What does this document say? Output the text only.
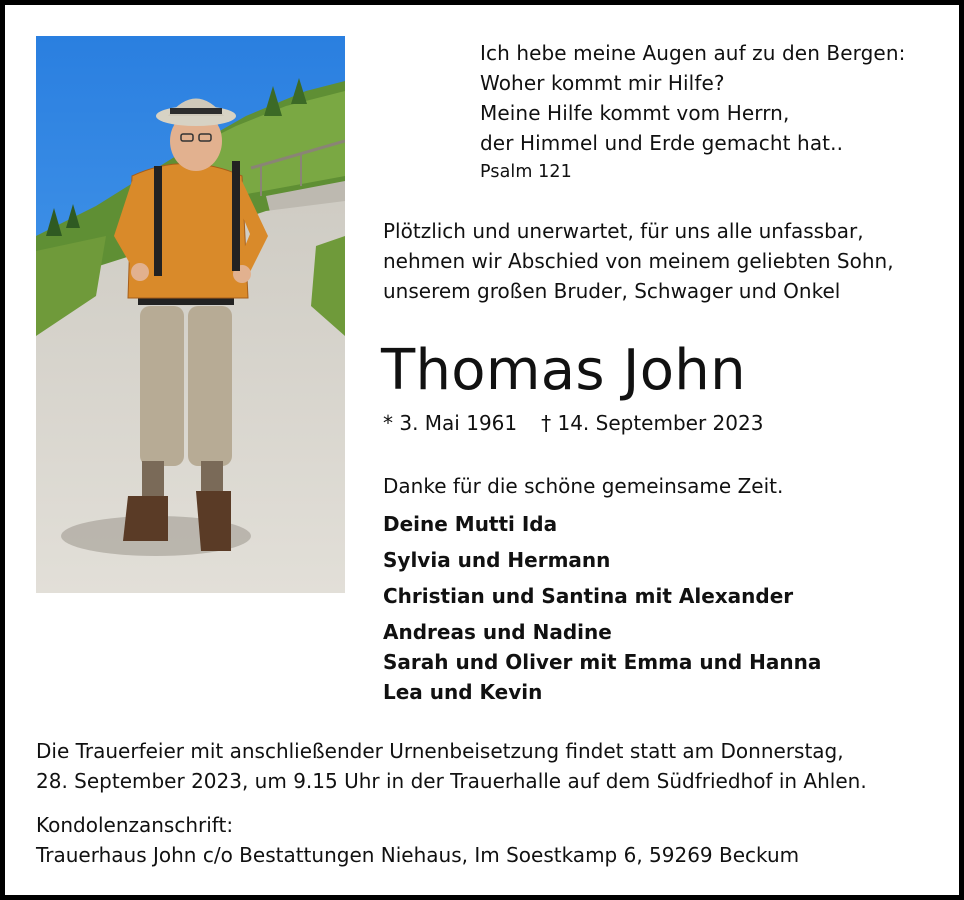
Ich hebe meine Augen auf zu den Bergen:
Woher kommt mir Hilfe?
Meine Hilfe kommt vom Herrn,
der Himmel und Erde gemacht hat..
Psalm 121
Plötzlich und unerwartet, für uns alle unfassbar,
nehmen wir Abschied von meinem geliebten Sohn,
unserem großen Bruder, Schwager und Onkel
Thomas John
* 3. Mai 1961 † 14. September 2023
Danke für die schöne gemeinsame Zeit.
Deine Mutti Ida
Sylvia und Hermann
Christian und Santina mit Alexander
Andreas und Nadine
Sarah und Oliver mit Emma und Hanna
Lea und Kevin
Die Trauerfeier mit anschließender Urnenbeisetzung findet statt am Donnerstag,
28. September 2023, um 9.15 Uhr in der Trauerhalle auf dem Südfriedhof in Ahlen.
Kondolenzanschrift:
Trauerhaus John c/o Bestattungen Niehaus, Im Soestkamp 6, 59269 Beckum
